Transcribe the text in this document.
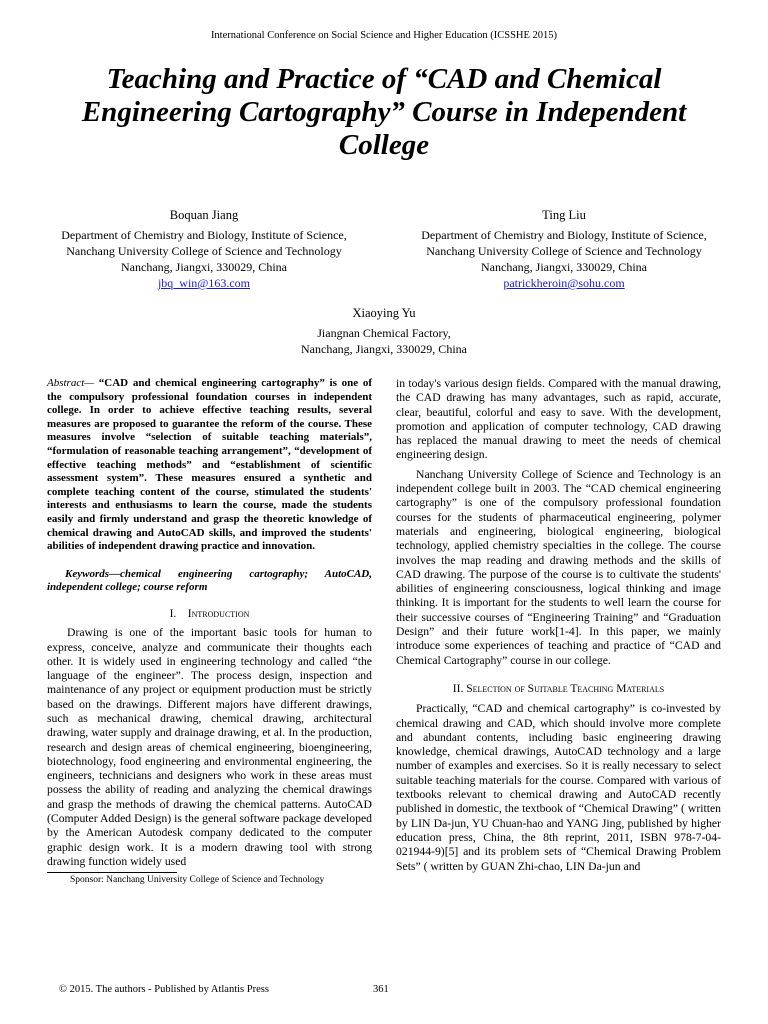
International Conference on Social Science and Higher Education (ICSSHE 2015)
Teaching and Practice of “CAD and Chemical
Engineering Cartography” Course in Independent
College
Boquan Jiang
Department of Chemistry and Biology, Institute of Science,
Nanchang University College of Science and Technology
Nanchang, Jiangxi, 330029, China
jbq_win@163.com
Ting Liu
Department of Chemistry and Biology, Institute of Science,
Nanchang University College of Science and Technology
Nanchang, Jiangxi, 330029, China
patrickheroin@sohu.com
Xiaoying Yu
Jiangnan Chemical Factory,
Nanchang, Jiangxi, 330029, China

Abstract— “CAD and chemical engineering cartography” is one of the compulsory professional foundation courses in independent college. In order to achieve effective teaching results, several measures are proposed to guarantee the reform of the course. These measures involve “selection of suitable teaching materials”, “formulation of reasonable teaching arrangement”, “development of effective teaching methods” and “establishment of scientific assessment system”. These measures ensured a synthetic and complete teaching content of the course, stimulated the students' interests and enthusiasms to learn the course, made the students easily and firmly understand and grasp the theoretic knowledge of chemical drawing and AutoCAD skills, and improved the students' abilities of independent drawing practice and innovation.

Keywords—chemical engineering cartography; AutoCAD, independent college; course reform

I. Introduction

Drawing is one of the important basic tools for human to express, conceive, analyze and communicate their thoughts each other. It is widely used in engineering technology and called “the language of the engineer”. The process design, inspection and maintenance of any project or equipment production must be strictly based on the drawings. Different majors have different drawings, such as mechanical drawing, chemical drawing, architectural drawing, water supply and drainage drawing, et al. In the production, research and design areas of chemical engineering, bioengineering, biotechnology, food engineering and environmental engineering, the engineers, technicians and designers who work in these areas must possess the ability of reading and analyzing the chemical drawings and grasp the methods of drawing the chemical patterns. AutoCAD (Computer Added Design) is the general software package developed by the American Autodesk company dedicated to the computer graphic design work. It is a modern drawing tool with strong drawing function widely used

Sponsor: Nanchang University College of Science and Technology

in today's various design fields. Compared with the manual drawing, the CAD drawing has many advantages, such as rapid, accurate, clear, beautiful, colorful and easy to save. With the development, promotion and application of computer technology, CAD drawing has replaced the manual drawing to meet the needs of chemical engineering design.

Nanchang University College of Science and Technology is an independent college built in 2003. The “CAD chemical engineering cartography” is one of the compulsory professional foundation courses for the students of pharmaceutical engineering, polymer materials and engineering, biological engineering, biological technology, applied chemistry specialties in the college. The course involves the map reading and drawing methods and the skills of CAD drawing. The purpose of the course is to cultivate the students' abilities of engineering consciousness, logical thinking and image thinking. It is important for the students to well learn the course for their successive courses of “Engineering Training” and “Graduation Design” and their future work[1-4]. In this paper, we mainly introduce some experiences of teaching and practice of “CAD and Chemical Cartography” course in our college.

II. Selection of Suitable Teaching Materials

Practically, “CAD and chemical cartography” is co-invested by chemical drawing and CAD, which should involve more complete and abundant contents, including basic engineering drawing knowledge, chemical drawings, AutoCAD technology and a large number of examples and exercises. So it is really necessary to select suitable teaching materials for the course. Compared with various of textbooks relevant to chemical drawing and AutoCAD recently published in domestic, the textbook of “Chemical Drawing” ( written by LIN Da-jun, YU Chuan-hao and YANG Jing, published by higher education press, China, the 8th reprint, 2011, ISBN 978-7-04-021944-9)[5] and its problem sets of “Chemical Drawing Problem Sets” ( written by GUAN Zhi-chao, LIN Da-jun and

© 2015. The authors - Published by Atlantis Press	361
